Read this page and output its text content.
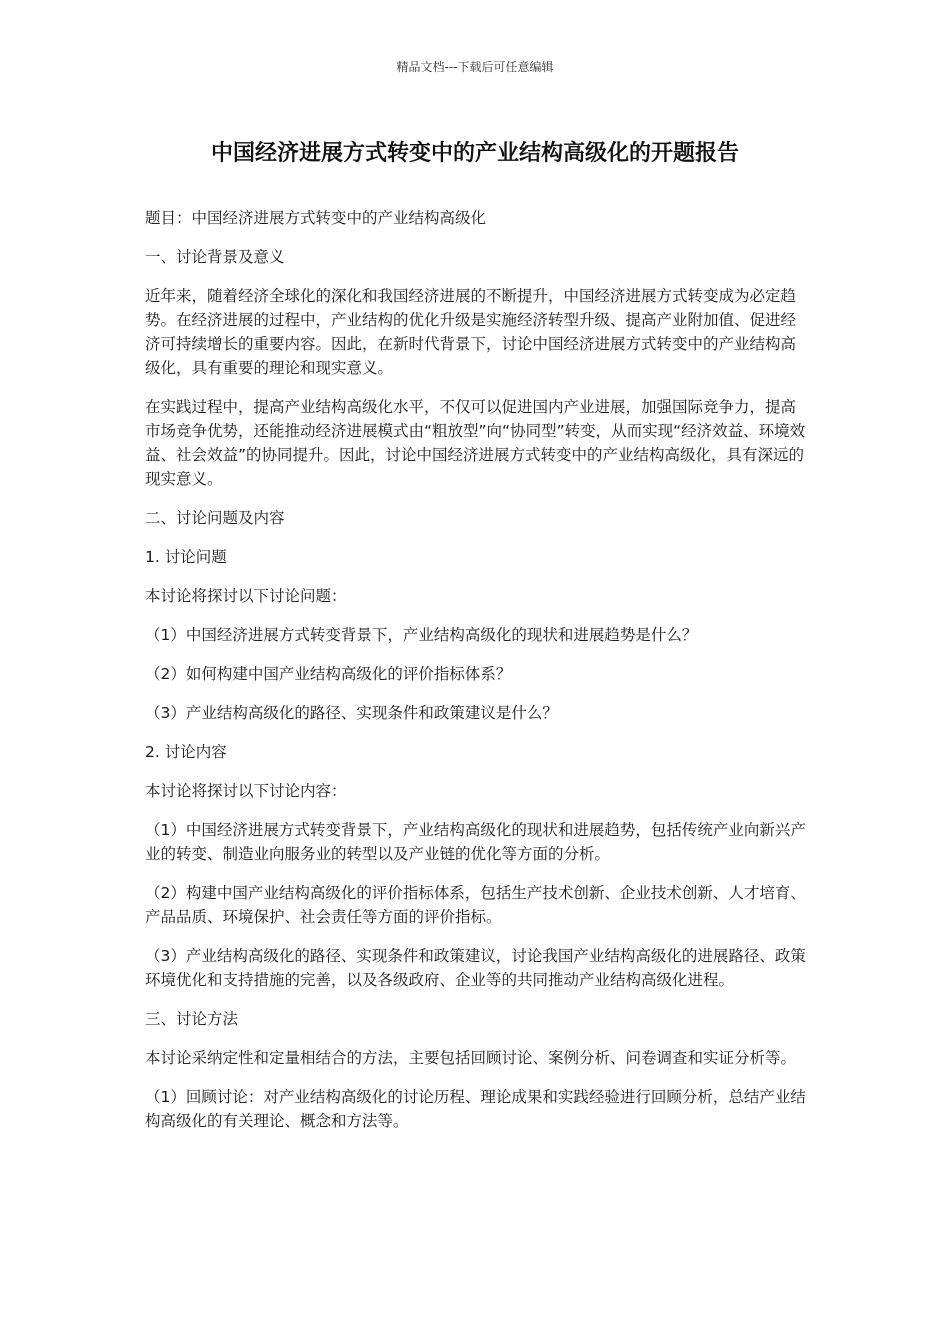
精品文档---下载后可任意编辑
中国经济进展方式转变中的产业结构高级化的开题报告

题目：中国经济进展方式转变中的产业结构高级化

一、讨论背景及意义

近年来，随着经济全球化的深化和我国经济进展的不断提升，中国经济进展方式转变成为必定趋势。在经济进展的过程中，产业结构的优化升级是实施经济转型升级、提高产业附加值、促进经济可持续增长的重要内容。因此，在新时代背景下，讨论中国经济进展方式转变中的产业结构高级化，具有重要的理论和现实意义。

在实践过程中，提高产业结构高级化水平，不仅可以促进国内产业进展，加强国际竞争力，提高市场竞争优势，还能推动经济进展模式由“粗放型”向“协同型”转变，从而实现“经济效益、环境效益、社会效益”的协同提升。因此，讨论中国经济进展方式转变中的产业结构高级化，具有深远的现实意义。

二、讨论问题及内容

1. 讨论问题

本讨论将探讨以下讨论问题：

（1）中国经济进展方式转变背景下，产业结构高级化的现状和进展趋势是什么？

（2）如何构建中国产业结构高级化的评价指标体系？

（3）产业结构高级化的路径、实现条件和政策建议是什么？

2. 讨论内容

本讨论将探讨以下讨论内容：

（1）中国经济进展方式转变背景下，产业结构高级化的现状和进展趋势，包括传统产业向新兴产业的转变、制造业向服务业的转型以及产业链的优化等方面的分析。

（2）构建中国产业结构高级化的评价指标体系，包括生产技术创新、企业技术创新、人才培育、产品品质、环境保护、社会责任等方面的评价指标。

（3）产业结构高级化的路径、实现条件和政策建议，讨论我国产业结构高级化的进展路径、政策环境优化和支持措施的完善，以及各级政府、企业等的共同推动产业结构高级化进程。

三、讨论方法

本讨论采纳定性和定量相结合的方法，主要包括回顾讨论、案例分析、问卷调查和实证分析等。

（1）回顾讨论：对产业结构高级化的讨论历程、理论成果和实践经验进行回顾分析，总结产业结构高级化的有关理论、概念和方法等。
